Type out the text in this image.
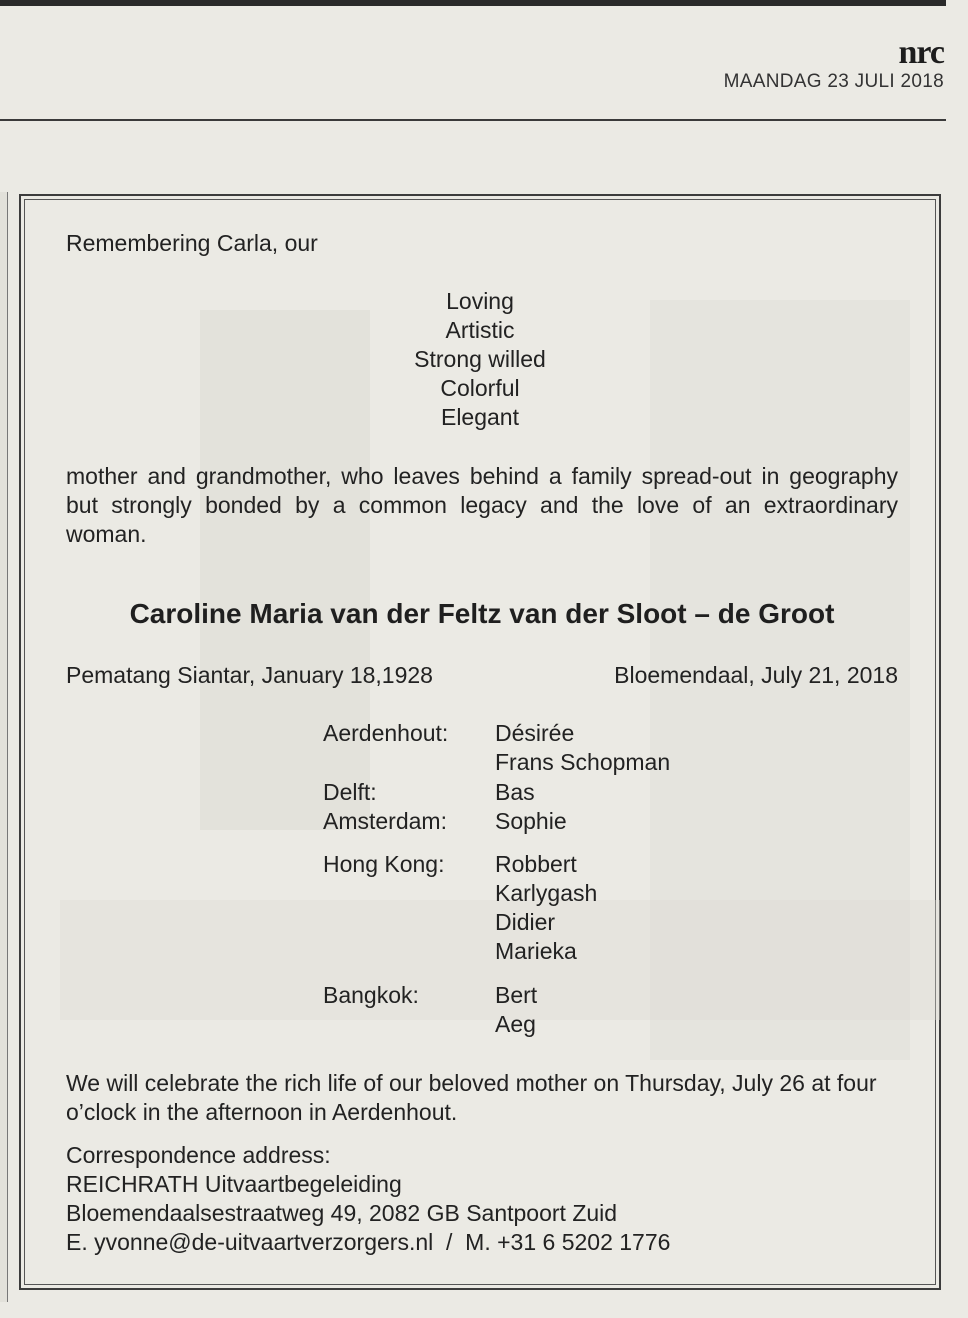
nrc
MAANDAG 23 JULI 2018
Remembering Carla, our
Loving
Artistic
Strong willed
Colorful
Elegant
mother and grandmother, who leaves behind a family spread-out in geography but strongly bonded by a common legacy and the love of an extraordinary woman.
Caroline Maria van der Feltz van der Sloot – de Groot
Pematang Siantar, January 18,1928	Bloemendaal, July 21, 2018
Aerdenhout: Désirée
Frans Schopman
Delft:	Bas
Amsterdam: Sophie
Hong Kong: Robbert
Karlygash
Didier
Marieka
Bangkok:	Bert
Aeg
We will celebrate the rich life of our beloved mother on Thursday, July 26 at four o’clock in the afternoon in Aerdenhout.
Correspondence address:
REICHRATH Uitvaartbegeleiding
Bloemendaalsestraatweg 49, 2082 GB Santpoort Zuid
E. yvonne@de-uitvaartverzorgers.nl  /  M. +31 6 5202 1776
